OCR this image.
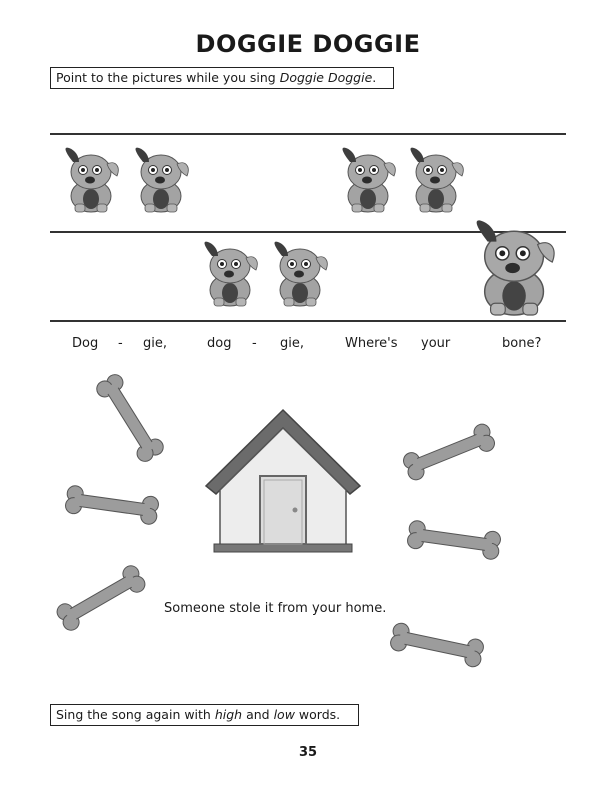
DOGGIE DOGGIE
Point to the pictures while you sing Doggie Doggie.
Dog - gie,	dog - gie,	Where's your	bone?
Someone stole it from your home.
Sing the song again with high and low words.
35
